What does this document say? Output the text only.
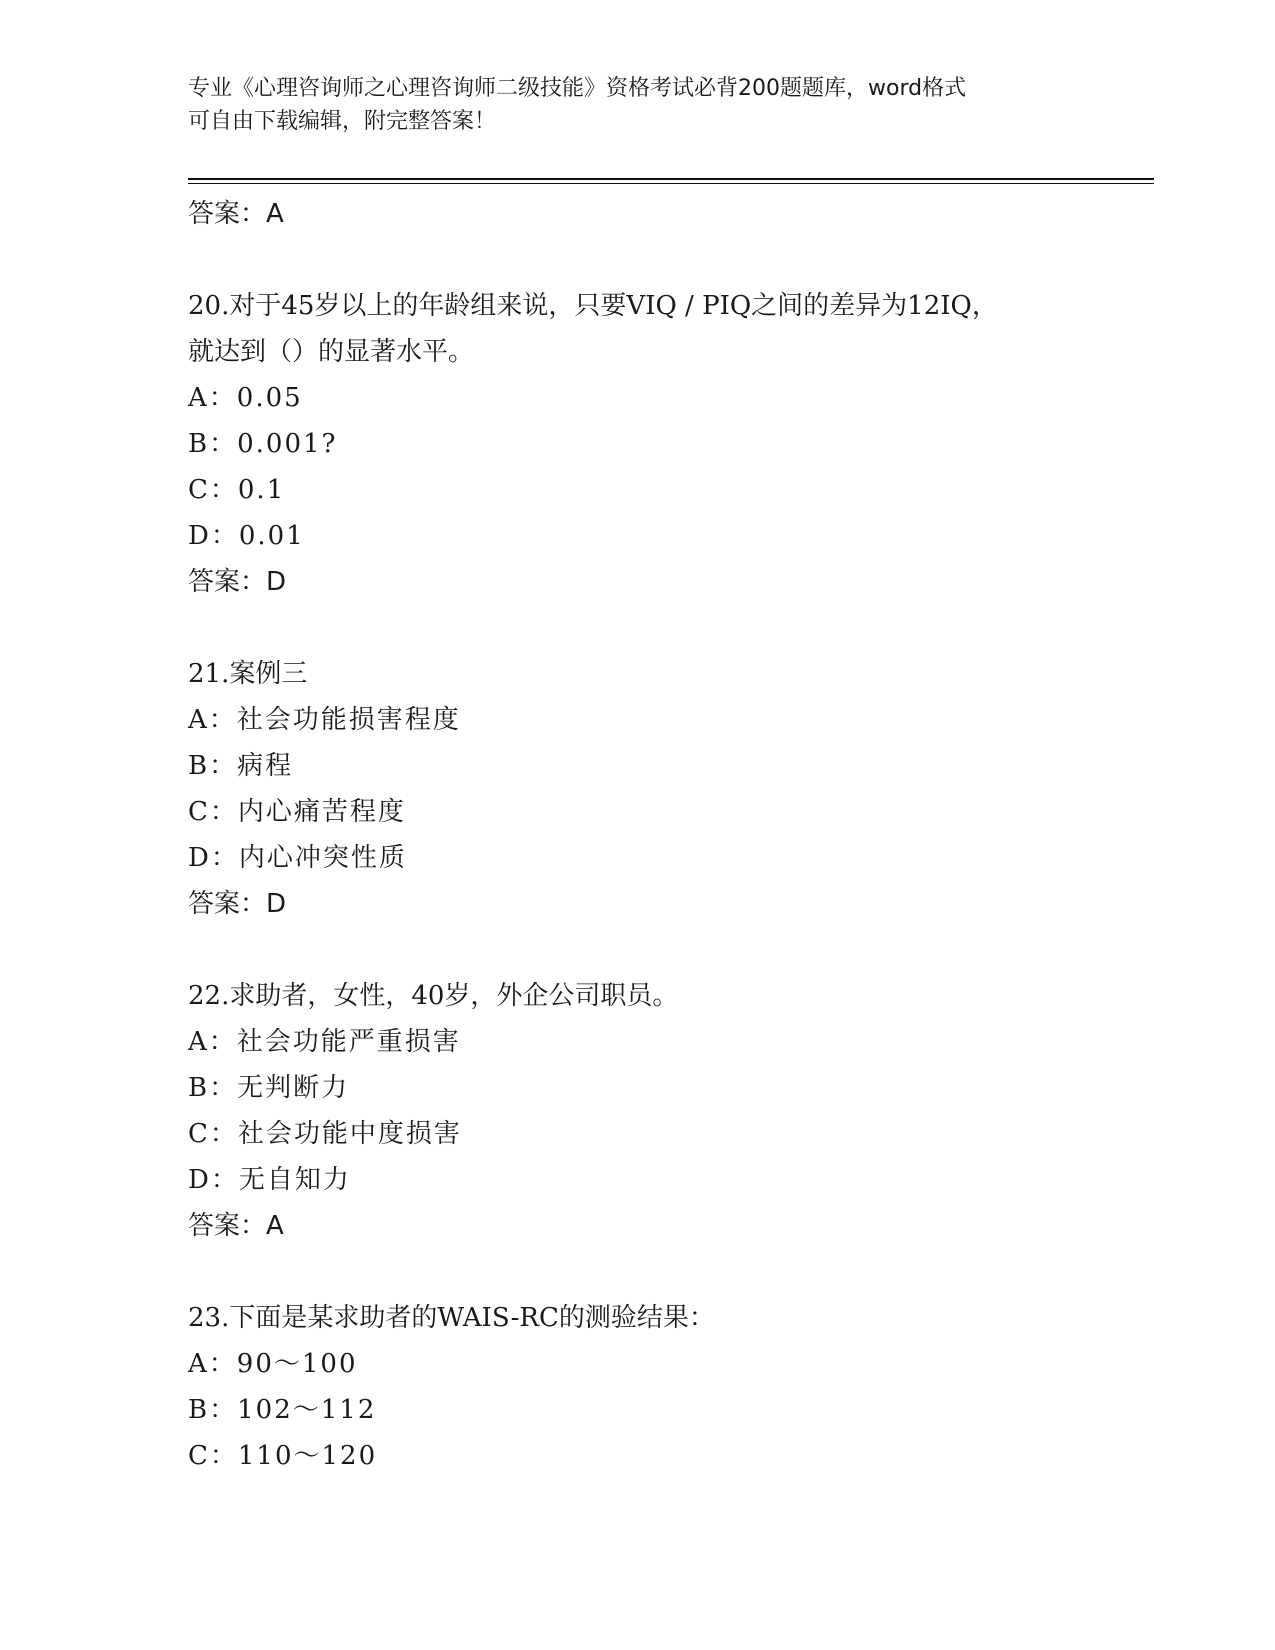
专业《心理咨询师之心理咨询师二级技能》资格考试必背200题题库，word格式
可自由下载编辑，附完整答案！
答案：A
20.对于45岁以上的年龄组来说，只要VIQ / PIQ之间的差异为12IQ，
就达到（）的显著水平。
A：0.05
B：0.001?
C：0.1
D：0.01
答案：D
21.案例三
A：社会功能损害程度
B：病程
C：内心痛苦程度
D：内心冲突性质
答案：D
22.求助者，女性，40岁，外企公司职员。
A：社会功能严重损害
B：无判断力
C：社会功能中度损害
D：无自知力
答案：A
23.下面是某求助者的WAIS-RC的测验结果：
A：90～100
B：102～112
C：110～120
